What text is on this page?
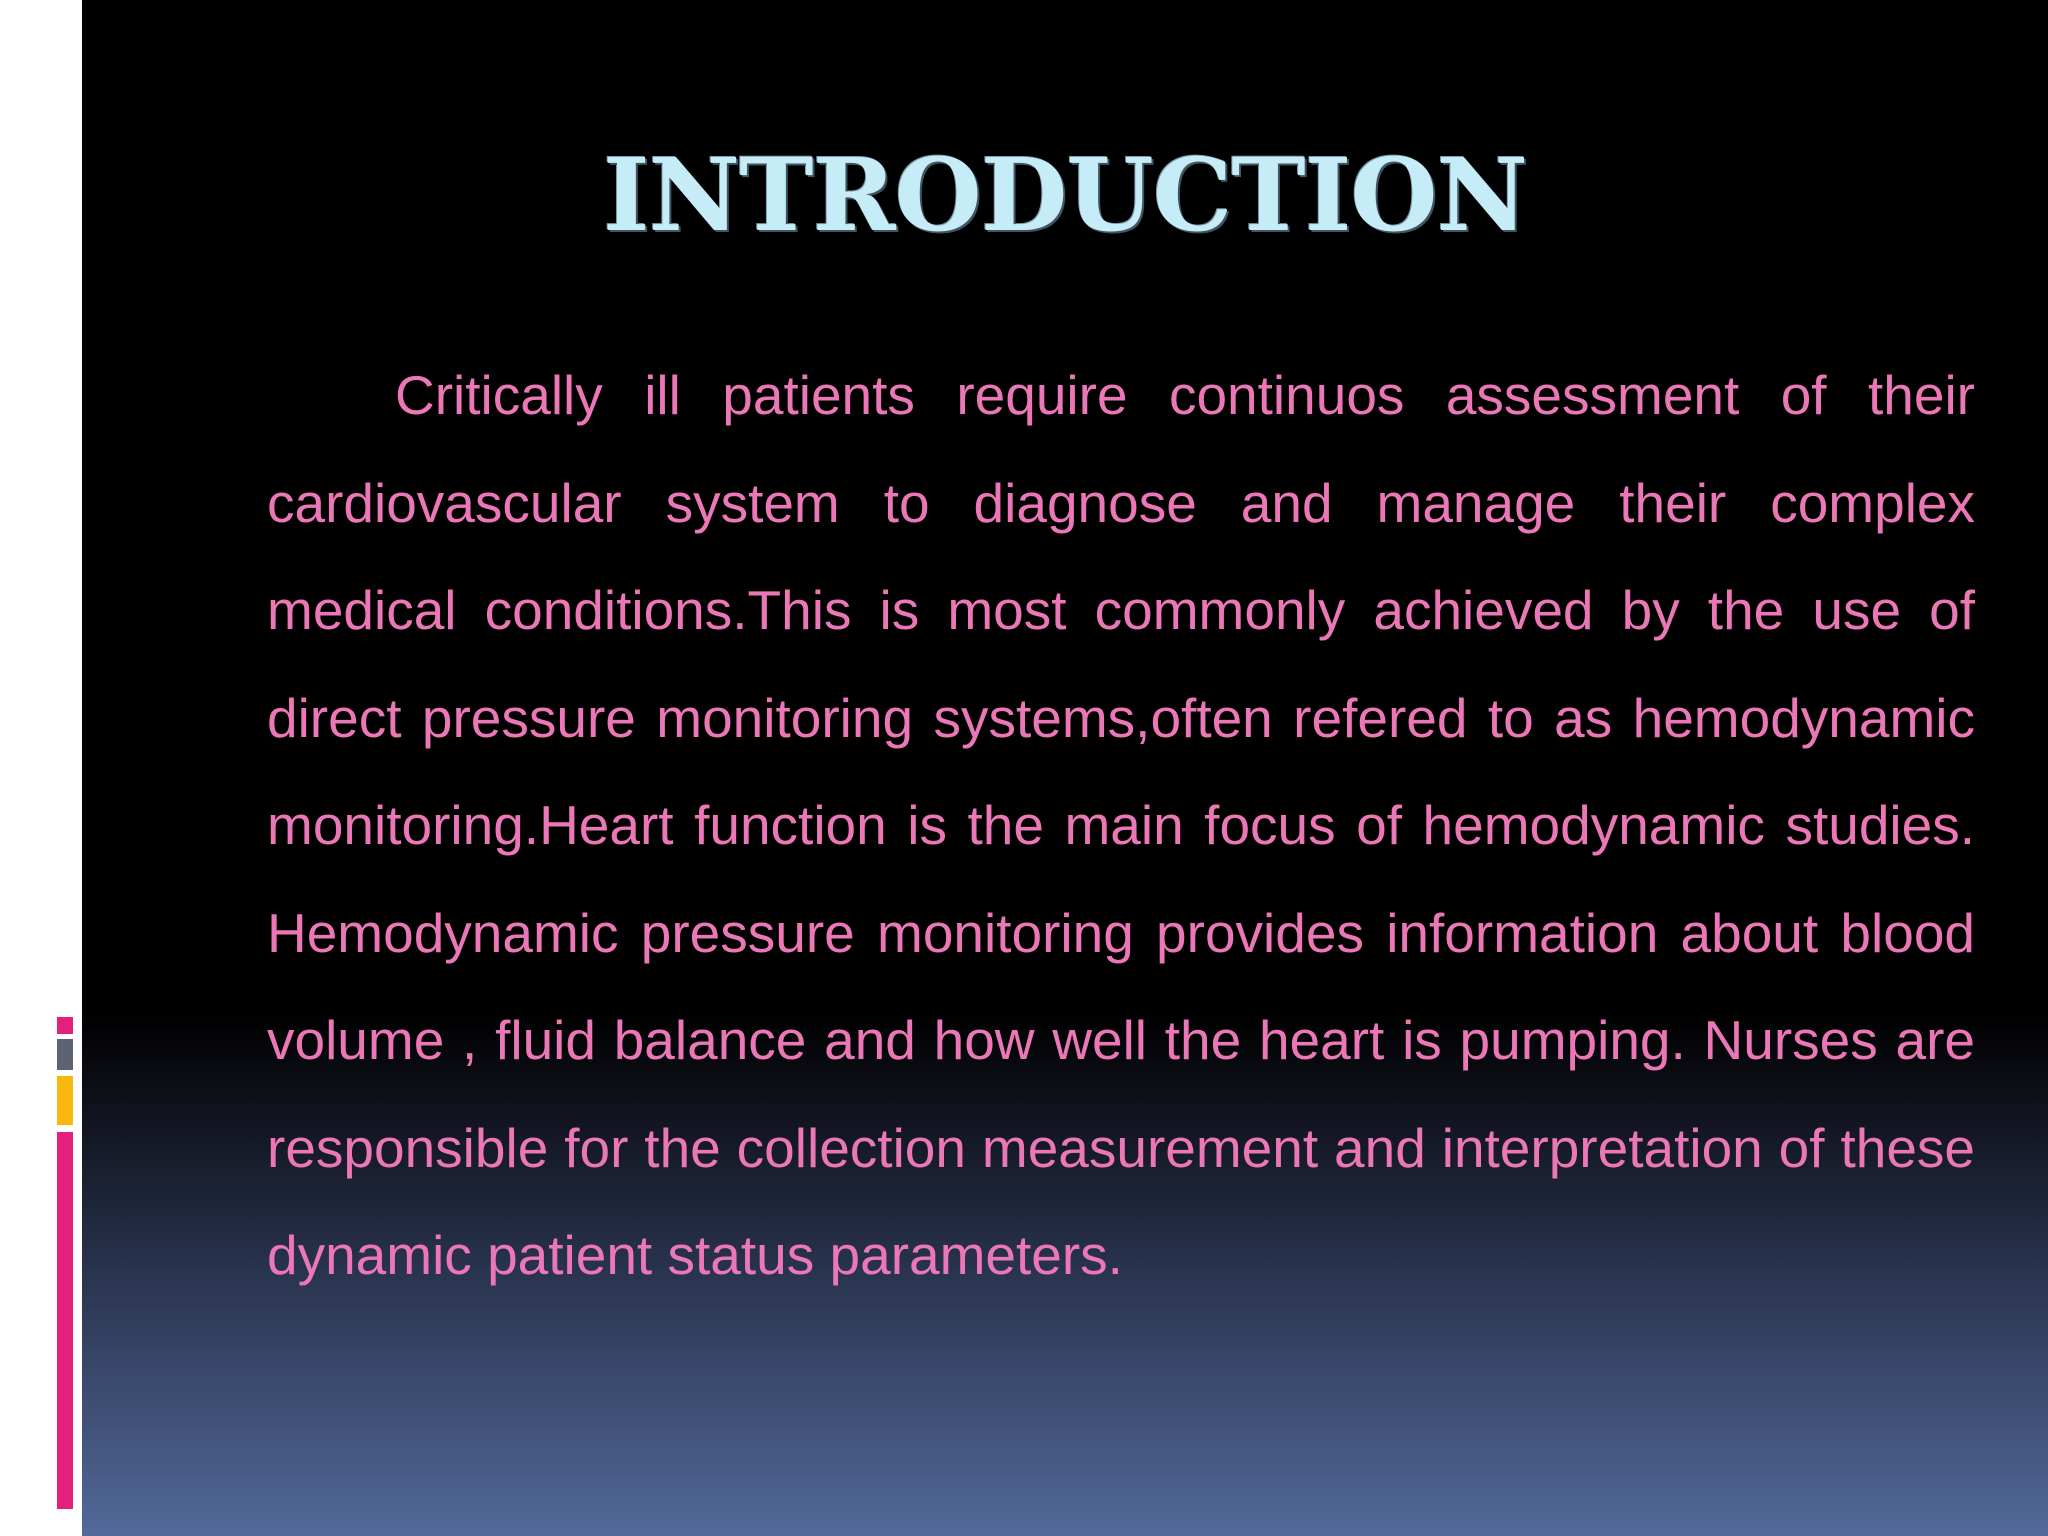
INTRODUCTION

Critically ill patients require continuos assessment of their cardiovascular system to diagnose and manage their complex medical conditions.This is most commonly achieved by the use of direct pressure monitoring systems,often refered to as hemodynamic monitoring.Heart function is the main focus of hemodynamic studies. Hemodynamic pressure monitoring provides information about blood volume , fluid balance and how well the heart is pumping. Nurses are responsible for the collection measurement and interpretation of these dynamic patient status parameters.
